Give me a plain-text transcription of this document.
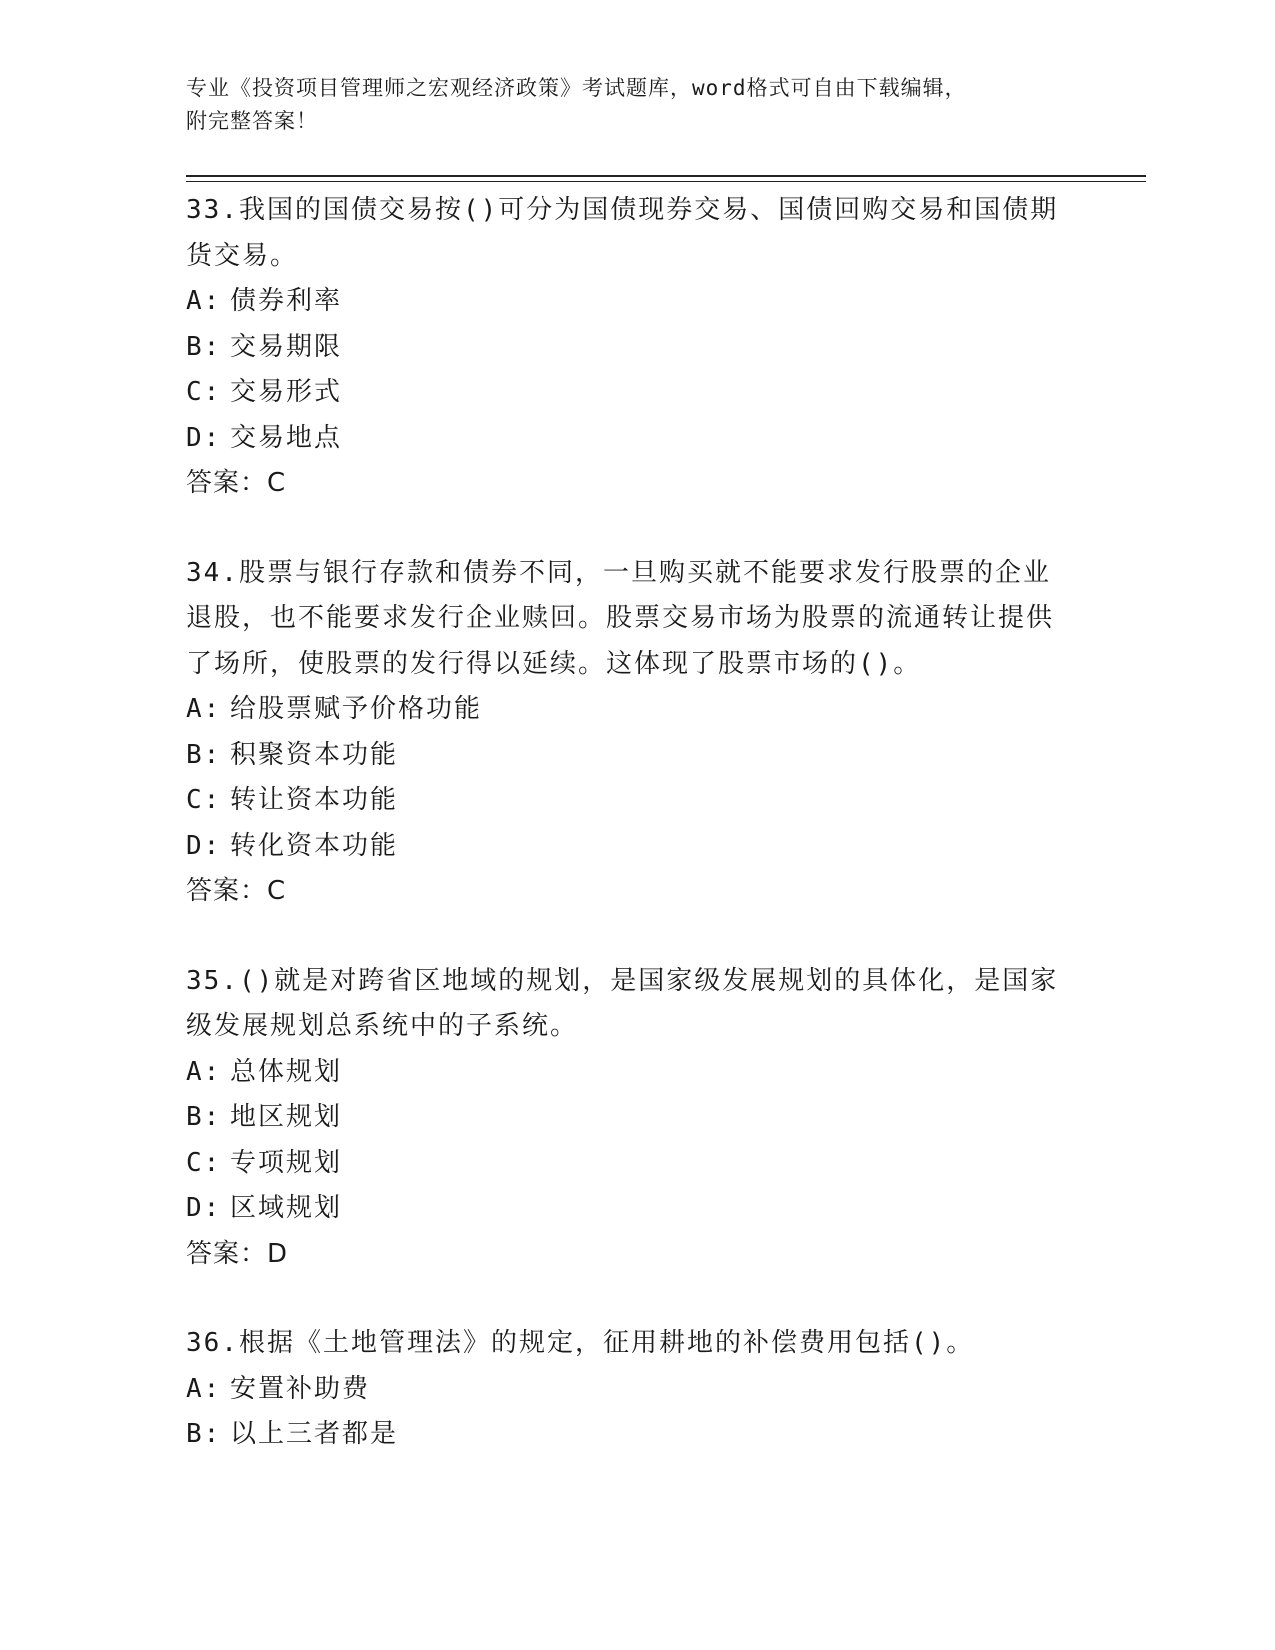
专业《投资项目管理师之宏观经济政策》考试题库，word格式可自由下载编辑，
附完整答案！
33.我国的国债交易按()可分为国债现券交易、国债回购交易和国债期货交易。
A: 债券利率
B: 交易期限
C: 交易形式
D: 交易地点
答案：C
34.股票与银行存款和债券不同，一旦购买就不能要求发行股票的企业退股，也不能要求发行企业赎回。股票交易市场为股票的流通转让提供了场所，使股票的发行得以延续。这体现了股票市场的()。
A: 给股票赋予价格功能
B: 积聚资本功能
C: 转让资本功能
D: 转化资本功能
答案：C
35.()就是对跨省区地域的规划，是国家级发展规划的具体化，是国家级发展规划总系统中的子系统。
A: 总体规划
B: 地区规划
C: 专项规划
D: 区域规划
答案：D
36.根据《土地管理法》的规定，征用耕地的补偿费用包括()。
A: 安置补助费
B: 以上三者都是
